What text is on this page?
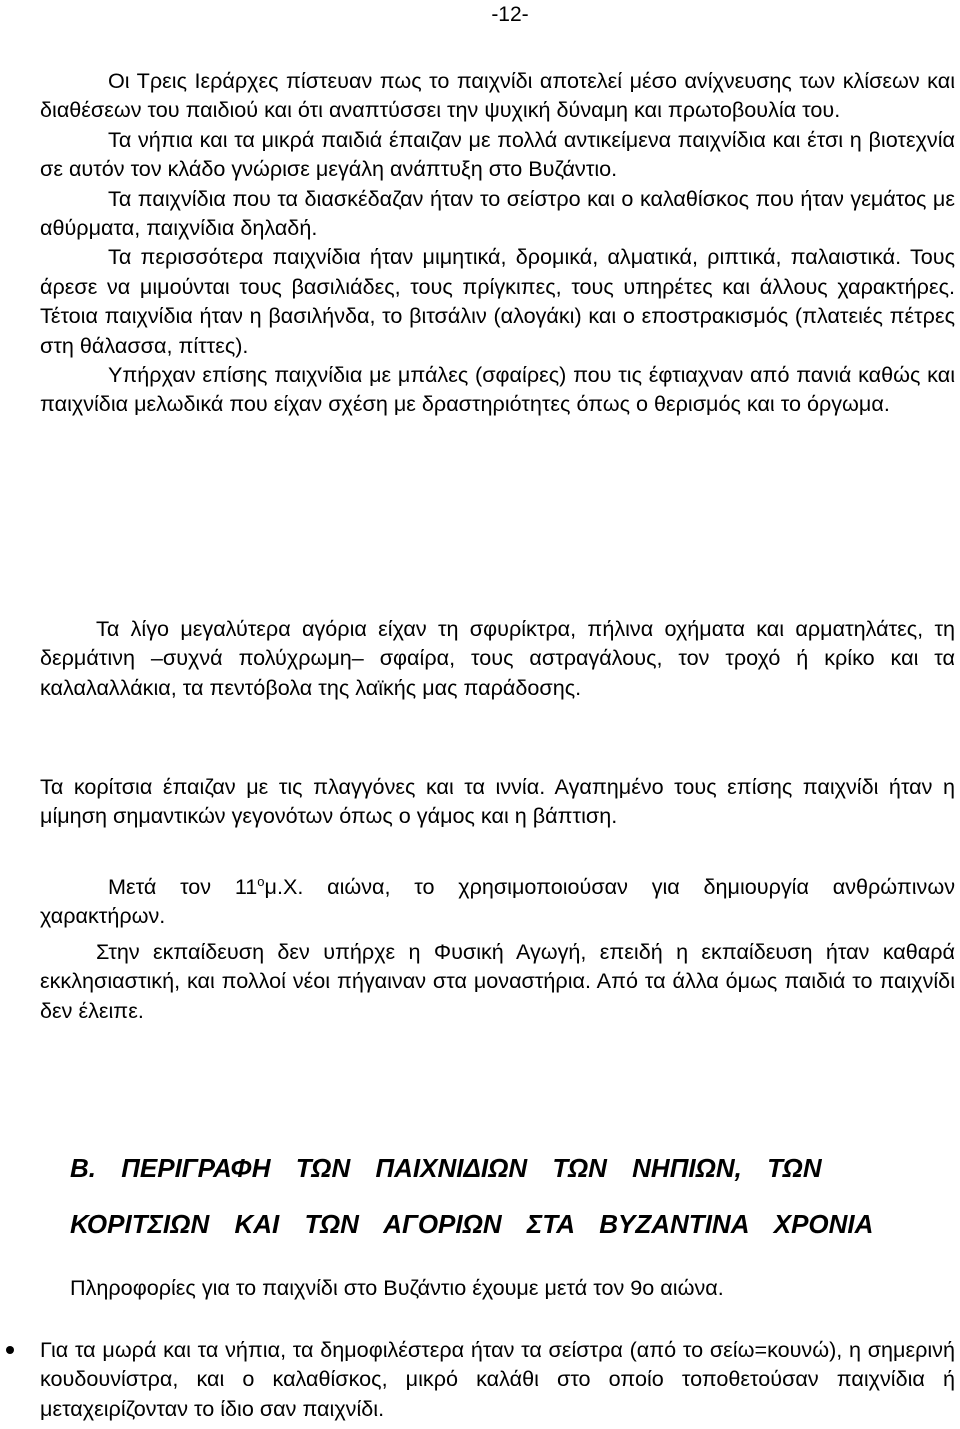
-12-

Οι Τρεις Ιεράρχες πίστευαν πως το παιχνίδι αποτελεί μέσο ανίχνευσης των κλίσεων και διαθέσεων του παιδιού και ότι αναπτύσσει την ψυχική δύναμη και πρωτοβουλία του.

Τα νήπια και τα μικρά παιδιά έπαιζαν με πολλά αντικείμενα παιχνίδια και έτσι η βιοτεχνία σε αυτόν τον κλάδο γνώρισε μεγάλη ανάπτυξη στο Βυζάντιο.

Τα παιχνίδια που τα διασκέδαζαν ήταν το σείστρο και ο καλαθίσκος που ήταν γεμάτος με αθύρματα, παιχνίδια δηλαδή.

Τα περισσότερα παιχνίδια ήταν μιμητικά, δρομικά, αλματικά, ριπτικά, παλαιστικά. Τους άρεσε να μιμούνται τους βασιλιάδες, τους πρίγκιπες, τους υπηρέτες και άλλους χαρακτήρες. Τέτοια παιχνίδια ήταν η βασιλήνδα, το βιτσάλιν (αλογάκι) και ο εποστρακισμός (πλατειές πέτρες στη θάλασσα, πίττες).

Υπήρχαν επίσης παιχνίδια με μπάλες (σφαίρες) που τις έφτιαχναν από πανιά καθώς και παιχνίδια μελωδικά που είχαν σχέση με δραστηριότητες όπως ο θερισμός και το όργωμα.

Τα λίγο μεγαλύτερα αγόρια είχαν τη σφυρίκτρα, πήλινα οχήματα και αρματηλάτες, τη δερμάτινη –συχνά πολύχρωμη– σφαίρα, τους αστραγάλους, τον τροχό ή κρίκο και τα καλαλαλλάκια, τα πεντόβολα της λαϊκής μας παράδοσης.

Τα κορίτσια έπαιζαν με τις πλαγγόνες και τα ιννία. Αγαπημένο τους επίσης παιχνίδι ήταν η μίμηση σημαντικών γεγονότων όπως ο γάμος και η βάπτιση.

Μετά τον $11^o\mu.X$. αιώνα, το χρησιμοποιούσαν για δημιουργία ανθρώπινων χαρακτήρων.

Στην εκπαίδευση δεν υπήρχε η Φυσική Αγωγή, επειδή η εκπαίδευση ήταν καθαρά εκκλησιαστική, και πολλοί νέοι πήγαιναν στα μοναστήρια. Από τα άλλα όμως παιδιά το παιχνίδι δεν έλειπε.

Β. ΠΕΡΙΓΡΑΦΗ ΤΩΝ ΠΑΙΧΝΙΔΙΩΝ ΤΩΝ ΝΗΠΙΩΝ, ΤΩΝ
ΚΟΡΙΤΣΙΩΝ ΚΑΙ ΤΩΝ ΑΓΟΡΙΩΝ ΣΤΑ ΒΥΖΑΝΤΙΝΑ ΧΡΟΝΙΑ
Πληροφορίες για το παιχνίδι στο Βυζάντιο έχουμε μετά τον 9ο αιώνα.
Για τα μωρά και τα νήπια, τα δημοφιλέστερα ήταν τα σείστρα (από το σείω=κουνώ), η σημερινή κουδουνίστρα, και ο καλαθίσκος, μικρό καλάθι στο οποίο τοποθετούσαν παιχνίδια ή μεταχειρίζονταν το ίδιο σαν παιχνίδι.
